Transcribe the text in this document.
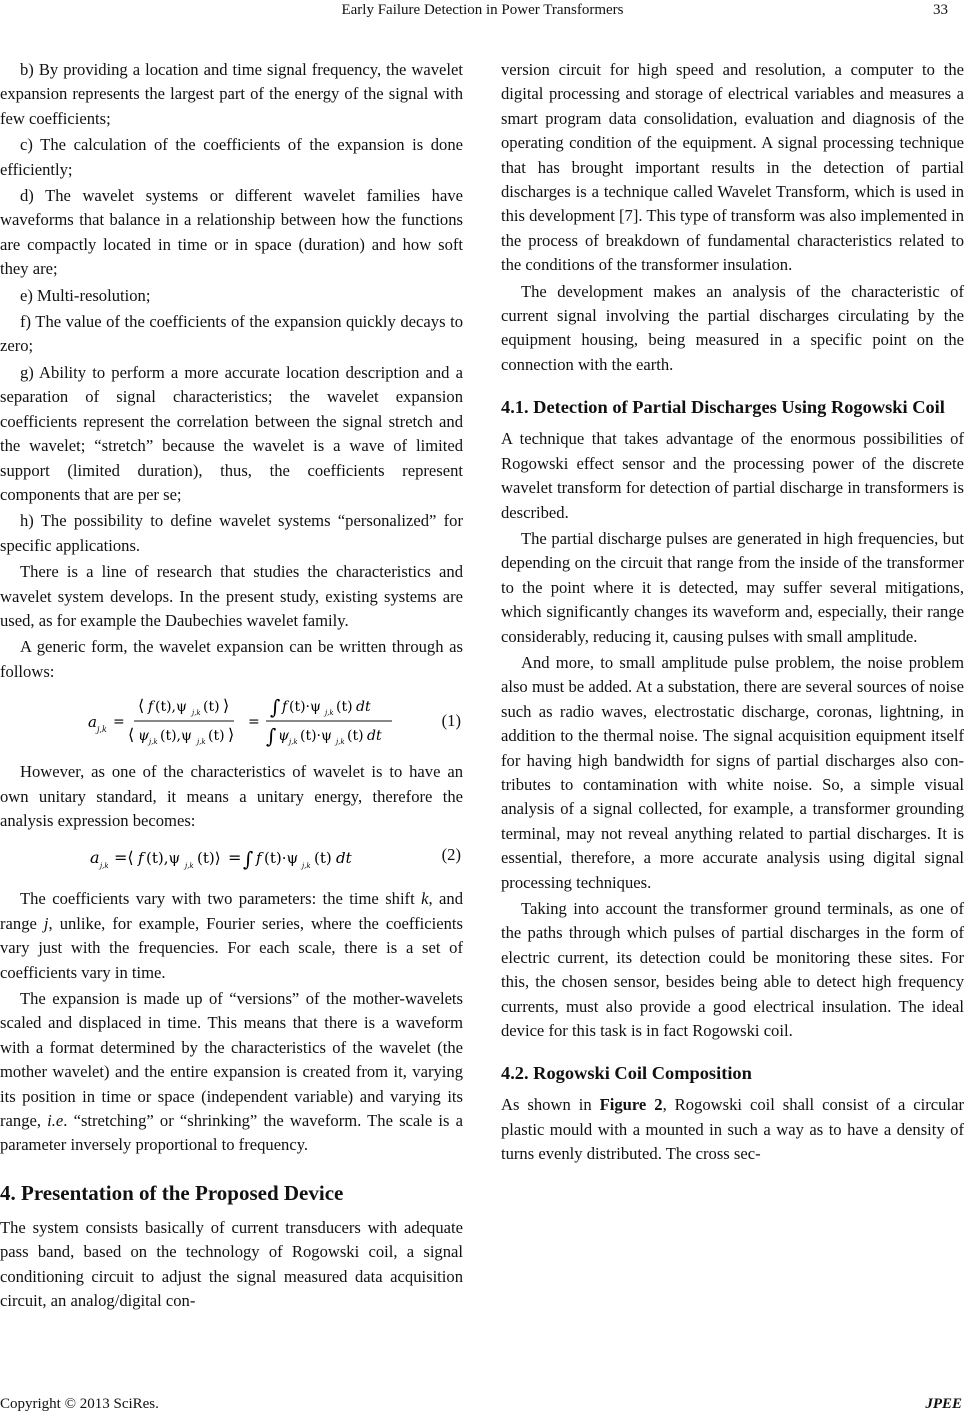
Early Failure Detection in Power Transformers	33

b) By providing a location and time signal frequency, the wavelet expansion represents the largest part of the energy of the signal with few coefficients;

c) The calculation of the coefficients of the expansion is done efficiently;

d) The wavelet systems or different wavelet families have waveforms that balance in a relationship between how the functions are compactly located in time or in space (duration) and how soft they are;

e) Multi-resolution;

f) The value of the coefficients of the expansion quickly decays to zero;

g) Ability to perform a more accurate location description and a separation of signal characteristics; the wavelet expansion coefficients represent the correlation between the signal stretch and the wavelet; “stretch” because the wavelet is a wave of limited support (limited duration), thus, the coefficients represent components that are per se;

h) The possibility to define wavelet systems “personalized” for specific applications.

There is a line of research that studies the characteristics and wavelet system develops. In the present study, existing systems are used, as for example the Daubechies wavelet family.

A generic form, the wavelet expansion can be written through as follows:

a j,k =
⟨ f (t),ψ j,k (t) ⟩
⟨ ψ j,k (t),ψ j,k (t) ⟩
=
∫ f (t)·ψ j,k (t) dt
∫ ψ j,k (t)·ψ j,k (t) dt
(1)

However, as one of the characteristics of wavelet is to have an own unitary standard, it means a unitary energy, therefore the analysis expression becomes:

a j,k =⟨ f (t),ψ j,k (t)⟩ = ∫ f (t)·ψ j,k (t) dt	(2)

The coefficients vary with two parameters: the time shift k, and range j, unlike, for example, Fourier series, where the coefficients vary just with the frequencies. For each scale, there is a set of coefficients vary in time.

The expansion is made up of “versions” of the mother-wavelets scaled and displaced in time. This means that there is a waveform with a format determined by the characteristics of the wavelet (the mother wavelet) and the entire expansion is created from it, varying its position in time or space (independent variable) and varying its range, i.e. “stretching” or “shrinking” the waveform. The scale is a parameter inversely proportional to frequency.

4. Presentation of the Proposed Device

The system consists basically of current transducers with adequate pass band, based on the technology of Rogowski coil, a signal conditioning circuit to adjust the signal measured data acquisition circuit, an analog/digital con-

version circuit for high speed and resolution, a computer to the digital processing and storage of electrical variables and measures a smart program data consolidation, evaluation and diagnosis of the operating condition of the equipment. A signal processing technique that has brought important results in the detection of partial discharges is a technique called Wavelet Transform, which is used in this development [7]. This type of transform was also implemented in the process of breakdown of fundamental characteristics related to the conditions of the transformer insulation.

The development makes an analysis of the characteristic of current signal involving the partial discharges circulating by the equipment housing, being measured in a specific point on the connection with the earth.

4.1. Detection of Partial Discharges Using Rogowski Coil

A technique that takes advantage of the enormous possibilities of Rogowski effect sensor and the processing power of the discrete wavelet transform for detection of partial discharge in transformers is described.

The partial discharge pulses are generated in high frequencies, but depending on the circuit that range from the inside of the transformer to the point where it is detected, may suffer several mitigations, which significantly changes its waveform and, especially, their range considerably, reducing it, causing pulses with small amplitude.

And more, to small amplitude pulse problem, the noise problem also must be added. At a substation, there are several sources of noise such as radio waves, electrostatic discharge, coronas, lightning, in addition to the thermal noise. The signal acquisition equipment itself for having high bandwidth for signs of partial discharges also contributes to contamination with white noise. So, a simple visual analysis of a signal collected, for example, a transformer grounding terminal, may not reveal anything related to partial discharges. It is essential, therefore, a more accurate analysis using digital signal processing techniques.

Taking into account the transformer ground terminals, as one of the paths through which pulses of partial discharges in the form of electric current, its detection could be monitoring these sites. For this, the chosen sensor, besides being able to detect high frequency currents, must also provide a good electrical insulation. The ideal device for this task is in fact Rogowski coil.

4.2. Rogowski Coil Composition

As shown in Figure 2, Rogowski coil shall consist of a circular plastic mould with a mounted in such a way as to have a density of turns evenly distributed. The cross sec-

Copyright © 2013 SciRes.	JPEE
